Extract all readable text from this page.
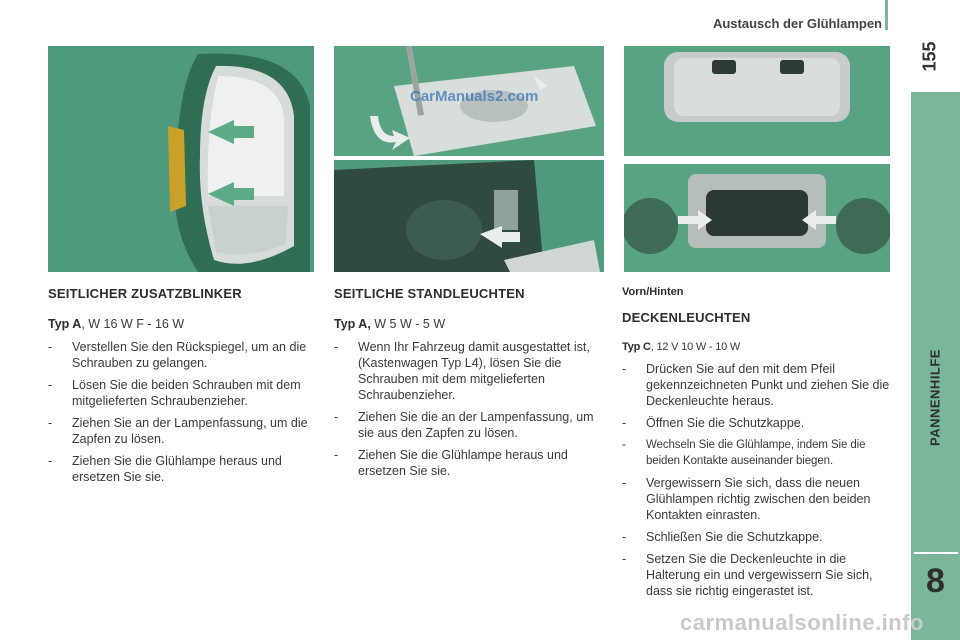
Austausch der Glühlampen
155
PANNENHILFE
8
CarManuals2.com
SEITLICHER ZUSATZBLINKER
Typ A, W 16 W F - 16 W
- Verstellen Sie den Rückspiegel, um an die Schrauben zu gelangen.
- Lösen Sie die beiden Schrauben mit dem mitgelieferten Schraubenzieher.
- Ziehen Sie an der Lampenfassung, um die Zapfen zu lösen.
- Ziehen Sie die Glühlampe heraus und ersetzen Sie sie.
SEITLICHE STANDLEUCHTEN
Typ A, W 5 W - 5 W
- Wenn Ihr Fahrzeug damit ausgestattet ist, (Kastenwagen Typ L4), lösen Sie die Schrauben mit dem mitgelieferten Schraubenzieher.
- Ziehen Sie die an der Lampenfassung, um sie aus den Zapfen zu lösen.
- Ziehen Sie die Glühlampe heraus und ersetzen Sie sie.
Vorn/Hinten
DECKENLEUCHTEN
Typ C, 12 V 10 W - 10 W
- Drücken Sie auf den mit dem Pfeil gekennzeichneten Punkt und ziehen Sie die Deckenleuchte heraus.
- Öffnen Sie die Schutzkappe.
- Wechseln Sie die Glühlampe, indem Sie die beiden Kontakte auseinander biegen.
- Vergewissern Sie sich, dass die neuen Glühlampen richtig zwischen den beiden Kontakten einrasten.
- Schließen Sie die Schutzkappe.
- Setzen Sie die Deckenleuchte in die Halterung ein und vergewissern Sie sich, dass sie richtig eingerastet ist.
carmanualsonline.info
